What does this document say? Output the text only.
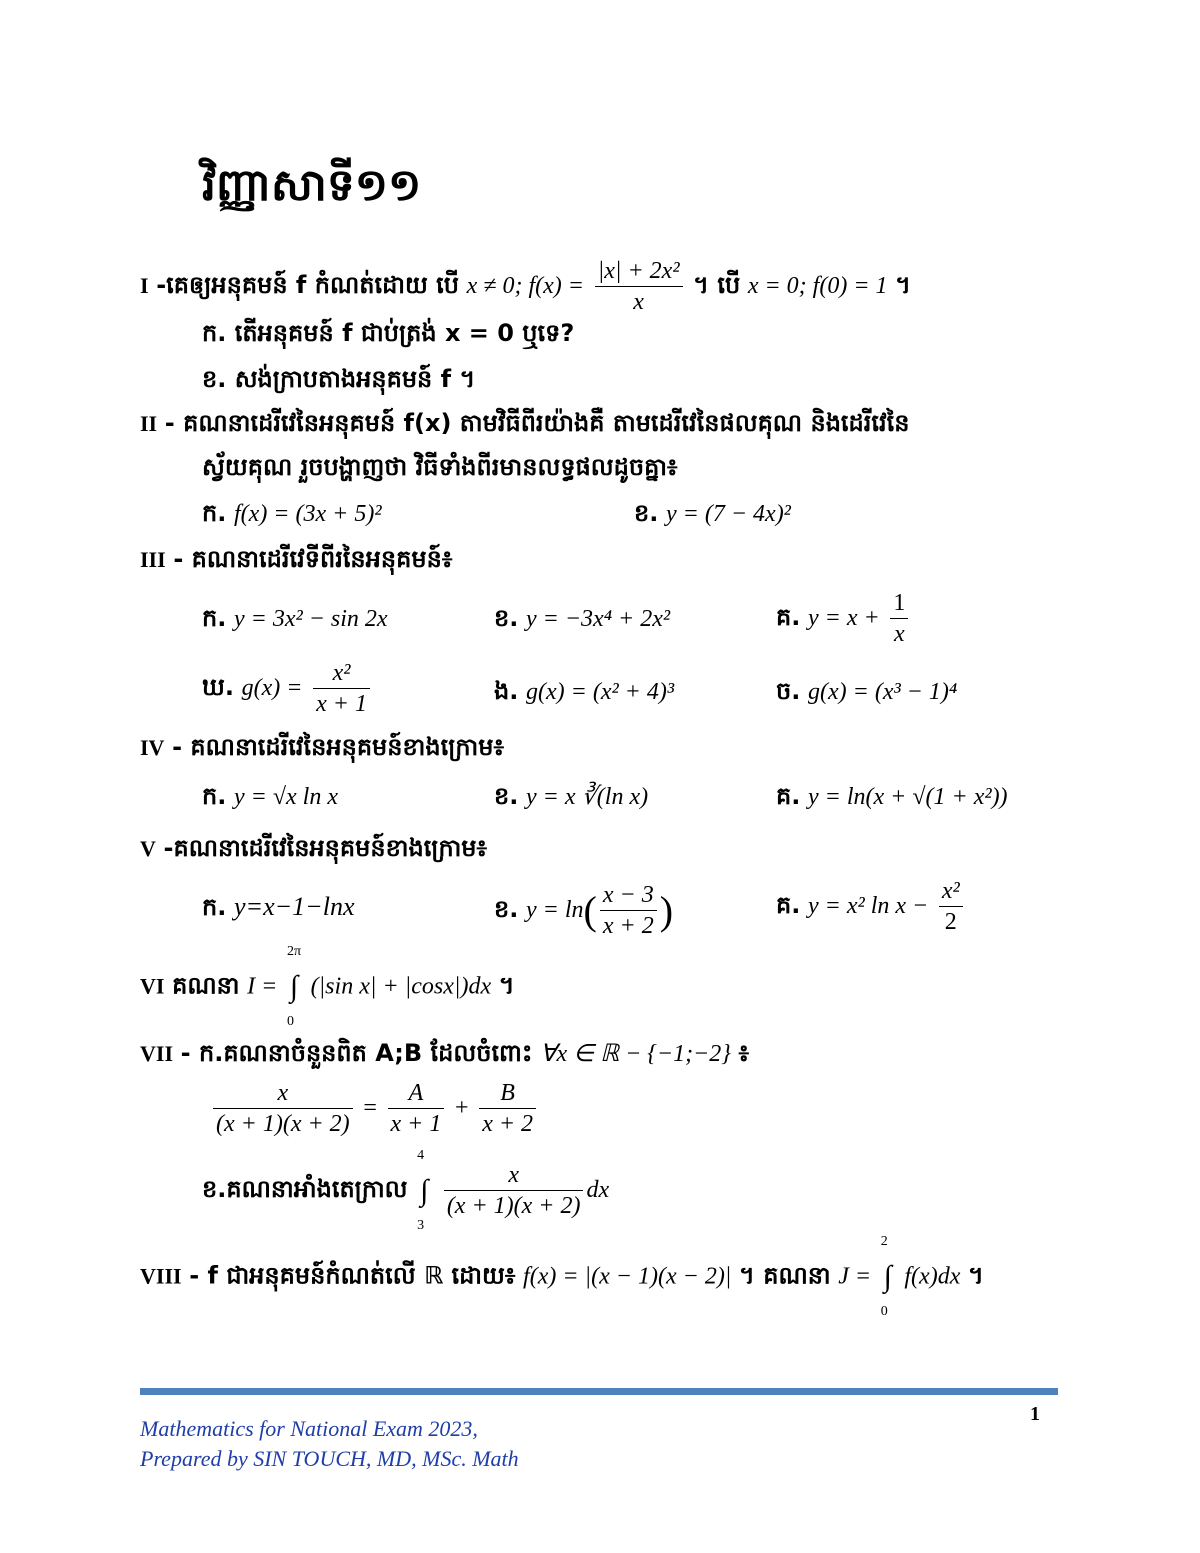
វិញ្ញាសាទី១១
I -គេឲ្យអនុគមន៍ f កំណត់ដោយ បើ x ≠ 0; $f(x) = \frac{\text{|x| + 2x²}}{x}$ ។ បើ x = 0; f(0) = 1 ។
ក. តើអនុគមន៍ f ជាប់ត្រង់ x = 0 ឬទេ?
ខ. សង់ក្រាបតាងអនុគមន៍ f ។
II - គណនាដេរីវេនៃអនុគមន៍ f(x) តាមវិធីពីរយ៉ាងគឺ តាមដេរីវេនៃផលគុណ និងដេរីវេនៃ
ស្វ័យគុណ រួចបង្ហាញថា វិធីទាំងពីរមានលទ្ធផលដូចគ្នា៖
ក. f(x) = (3x + 5)²	ខ. y = (7 − 4x)²
III - គណនាដេរីវេទីពីរនៃអនុគមន៍៖
ក. y = 3x² − sin 2x	ខ. y = −3x⁴ + 2x²	គ. $y = x + \frac{1}{x}$
ឃ. $g(x) = \frac{\text{x²}}{x + 1}$	ង. g(x) = (x² + 4)³	ច. g(x) = (x³ − 1)⁴
IV - គណនាដេរីវេនៃអនុគមន៍ខាងក្រោម៖
ក. y = √x ln x	ខ. y = x ∛(ln x)	គ. y = ln(x + √(1 + x²))
V -គណនាដេរីវេនៃអនុគមន៍ខាងក្រោម៖
ក. y=x−1−lnx	ខ. $y = \ln( \frac{x - 3}{x + 2}$ )	គ. y = x² $\ln x - \frac{\text{x²}}{2}$
VI គណនា I =
2π
∫
0
(|sin x| + |cosx|)dx ។
VII - ក.គណនាចំនួនពិត A;B ដែលចំពោះ ∀x ∈ ℝ − {−1;−2} ៖
$\frac{x}{(x + 1)(x + 2)} = \frac{A}{x + 1} + \frac{B}{x + 2}$
ខ.គណនាអាំងតេក្រាល
4
∫
3

$\frac{x}{(x + 1)(x + 2)}$ dx
VIII - f ជាអនុគមន៍កំណត់លើ ℝ ដោយ៖ f(x) = |(x − 1)(x − 2)| ។ គណនា J =
2
∫
0
f(x)dx ។
1
Mathematics for National Exam 2023,
Prepared by SIN TOUCH, MD, MSc. Math
